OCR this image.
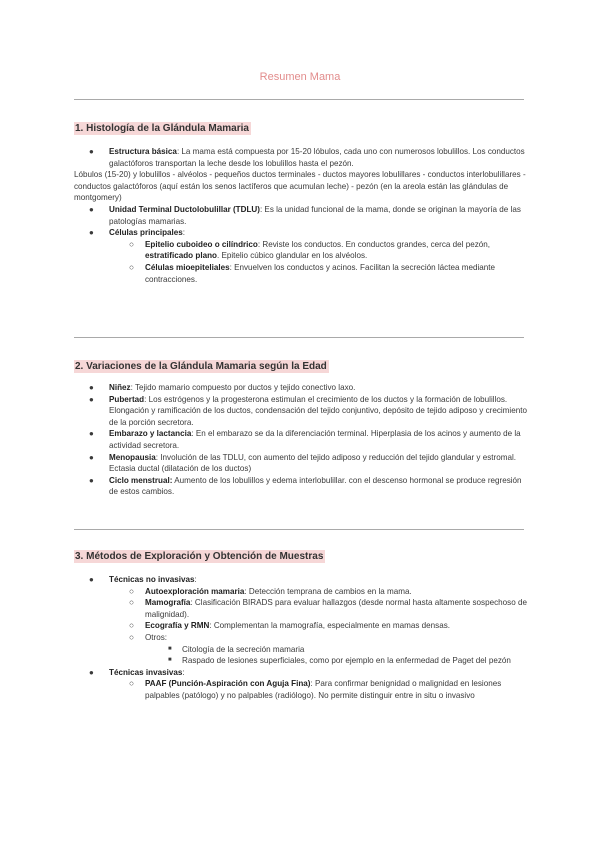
Resumen Mama
1. Histología de la Glándula Mamaria
● Estructura básica: La mama está compuesta por 15-20 lóbulos, cada uno con numerosos lobulillos. Los conductos galactóforos transportan la leche desde los lobulillos hasta el pezón.
Lóbulos (15-20) y lobulillos - alvéolos - pequeños ductos terminales - ductos mayores lobulillares - conductos interlobulillares - conductos galactóforos (aquí están los senos lactíferos que acumulan leche) - pezón (en la areola están las glándulas de montgomery)
● Unidad Terminal Ductolobulillar (TDLU): Es la unidad funcional de la mama, donde se originan la mayoría de las patologías mamarias.
● Células principales:
○ Epitelio cuboideo o cilíndrico: Reviste los conductos. En conductos grandes, cerca del pezón, estratificado plano. Epitelio cúbico glandular en los alvéolos.
○ Células mioepiteliales: Envuelven los conductos y acinos. Facilitan la secreción láctea mediante contracciones.
2. Variaciones de la Glándula Mamaria según la Edad
● Niñez: Tejido mamario compuesto por ductos y tejido conectivo laxo.
● Pubertad: Los estrógenos y la progesterona estimulan el crecimiento de los ductos y la formación de lobulillos. Elongación y ramificación de los ductos, condensación del tejido conjuntivo, depósito de tejido adiposo y crecimiento de la porción secretora.
● Embarazo y lactancia: En el embarazo se da la diferenciación terminal. Hiperplasia de los acinos y aumento de la actividad secretora.
● Menopausia: Involución de las TDLU, con aumento del tejido adiposo y reducción del tejido glandular y estromal. Ectasia ductal (dilatación de los ductos)
● Ciclo menstrual: Aumento de los lobulillos y edema interlobulillar. con el descenso hormonal se produce regresión de estos cambios.
3. Métodos de Exploración y Obtención de Muestras
● Técnicas no invasivas:
○ Autoexploración mamaria: Detección temprana de cambios en la mama.
○ Mamografía: Clasificación BIRADS para evaluar hallazgos (desde normal hasta altamente sospechoso de malignidad).
○ Ecografía y RMN: Complementan la mamografía, especialmente en mamas densas.
○ Otros:
■ Citología de la secreción mamaria
■ Raspado de lesiones superficiales, como por ejemplo en la enfermedad de Paget del pezón
● Técnicas invasivas:
○ PAAF (Punción-Aspiración con Aguja Fina): Para confirmar benignidad o malignidad en lesiones palpables (patólogo) y no palpables (radiólogo). No permite distinguir entre in situ o invasivo
